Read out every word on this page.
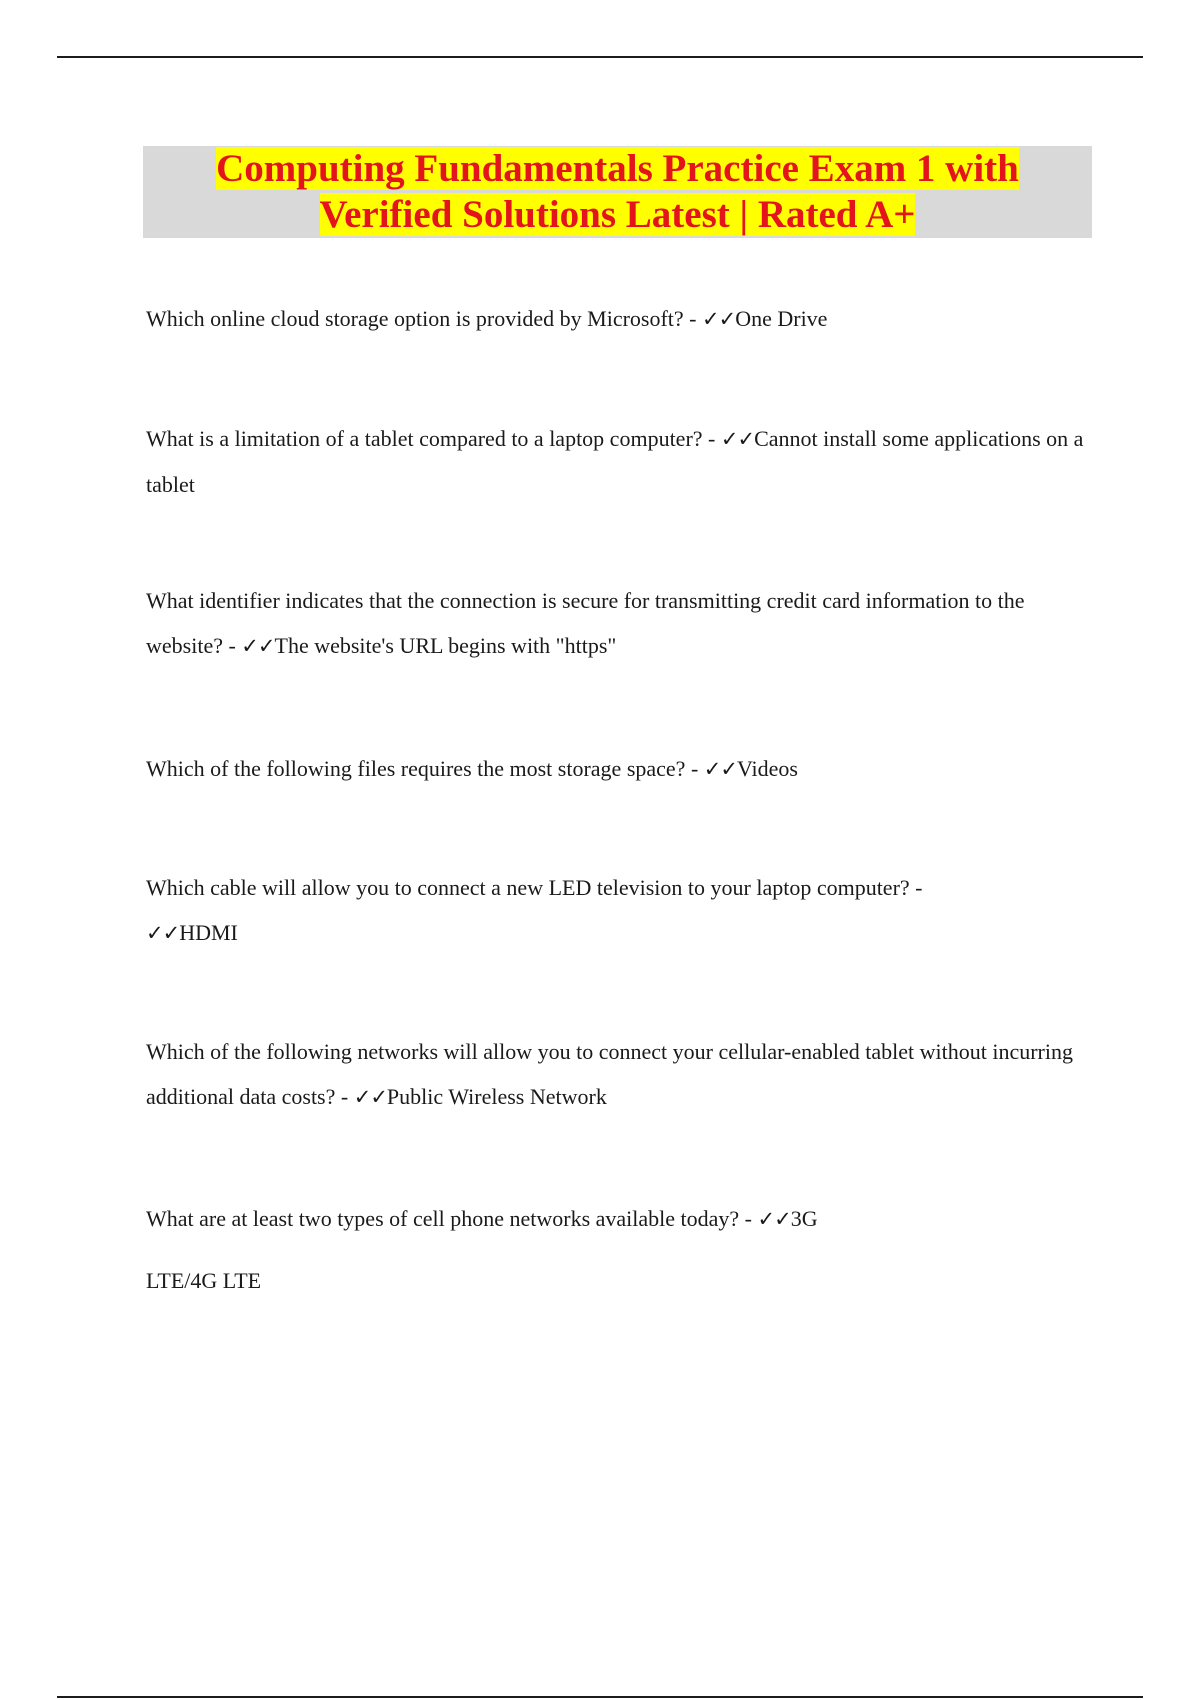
Computing Fundamentals Practice Exam 1 with
Verified Solutions Latest | Rated A+

Which online cloud storage option is provided by Microsoft? - ✓✓One Drive

What is a limitation of a tablet compared to a laptop computer? - ✓✓Cannot install some applications on a tablet

What identifier indicates that the connection is secure for transmitting credit card information to the website? - ✓✓The website's URL begins with "https"

Which of the following files requires the most storage space? - ✓✓Videos

Which cable will allow you to connect a new LED television to your laptop computer? -
✓✓HDMI

Which of the following networks will allow you to connect your cellular-enabled tablet without incurring additional data costs? - ✓✓Public Wireless Network

What are at least two types of cell phone networks available today? - ✓✓3G

LTE/4G LTE
